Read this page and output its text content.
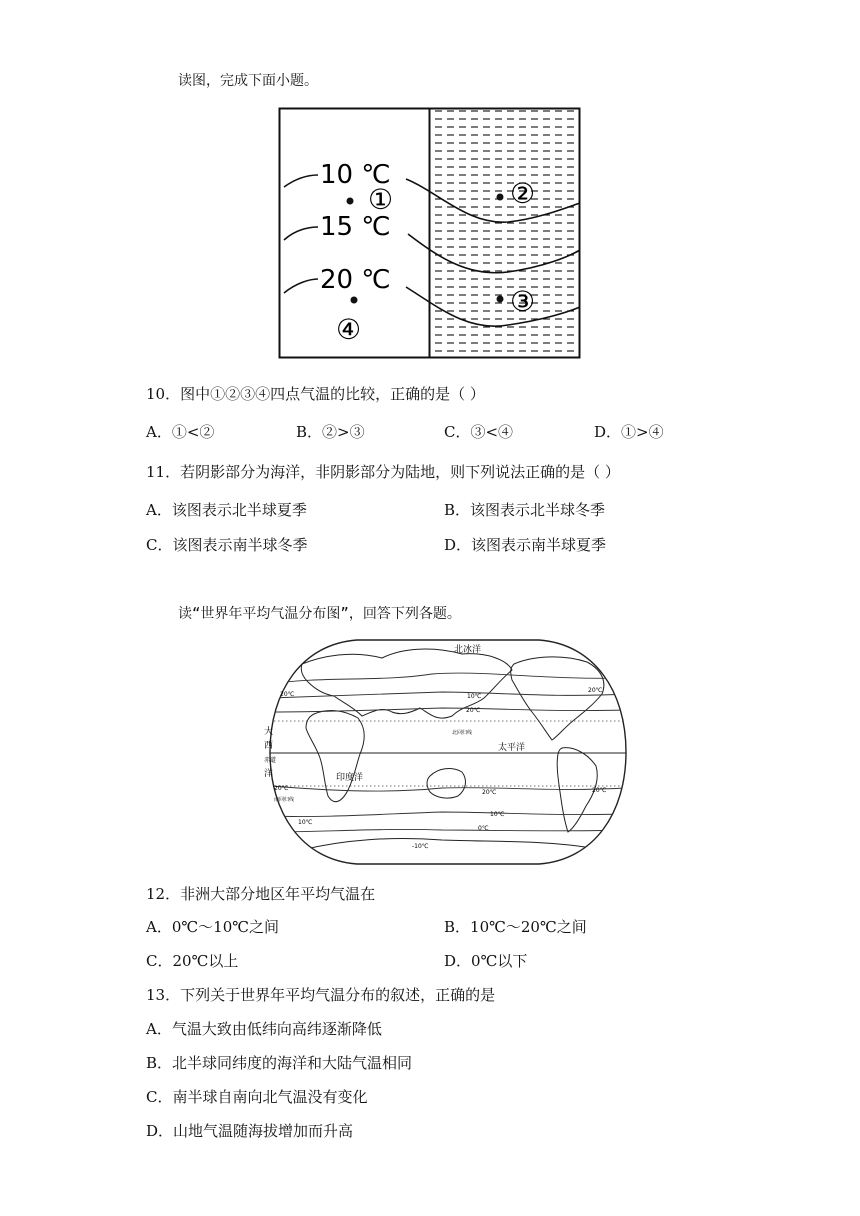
读图，完成下面小题。
10 ℃
15 ℃
20 ℃
①	②
③
④
10．图中①②③④四点气温的比较，正确的是（ ）
A．①<②	B．②>③	C．③<④	D．①>④
11．若阴影部分为海洋，非阴影部分为陆地，则下列说法正确的是（ ）
A．该图表示北半球夏季	B．该图表示北半球冬季
C．该图表示南半球冬季	D．该图表示南半球夏季
读“世界年平均气温分布图”，回答下列各题。
北冰洋
太平洋
印度洋
大
西
洋
赤道
北回归线
南回归线
20℃	10℃
20℃
20℃
20℃
20℃	20℃
10℃
10℃
0℃
-10℃
12．非洲大部分地区年平均气温在
A．0℃～10℃之间	B．10℃～20℃之间
C．20℃以上	D．0℃以下
13．下列关于世界年平均气温分布的叙述，正确的是
A．气温大致由低纬向高纬逐渐降低
B．北半球同纬度的海洋和大陆气温相同
C．南半球自南向北气温没有变化
D．山地气温随海拔增加而升高
